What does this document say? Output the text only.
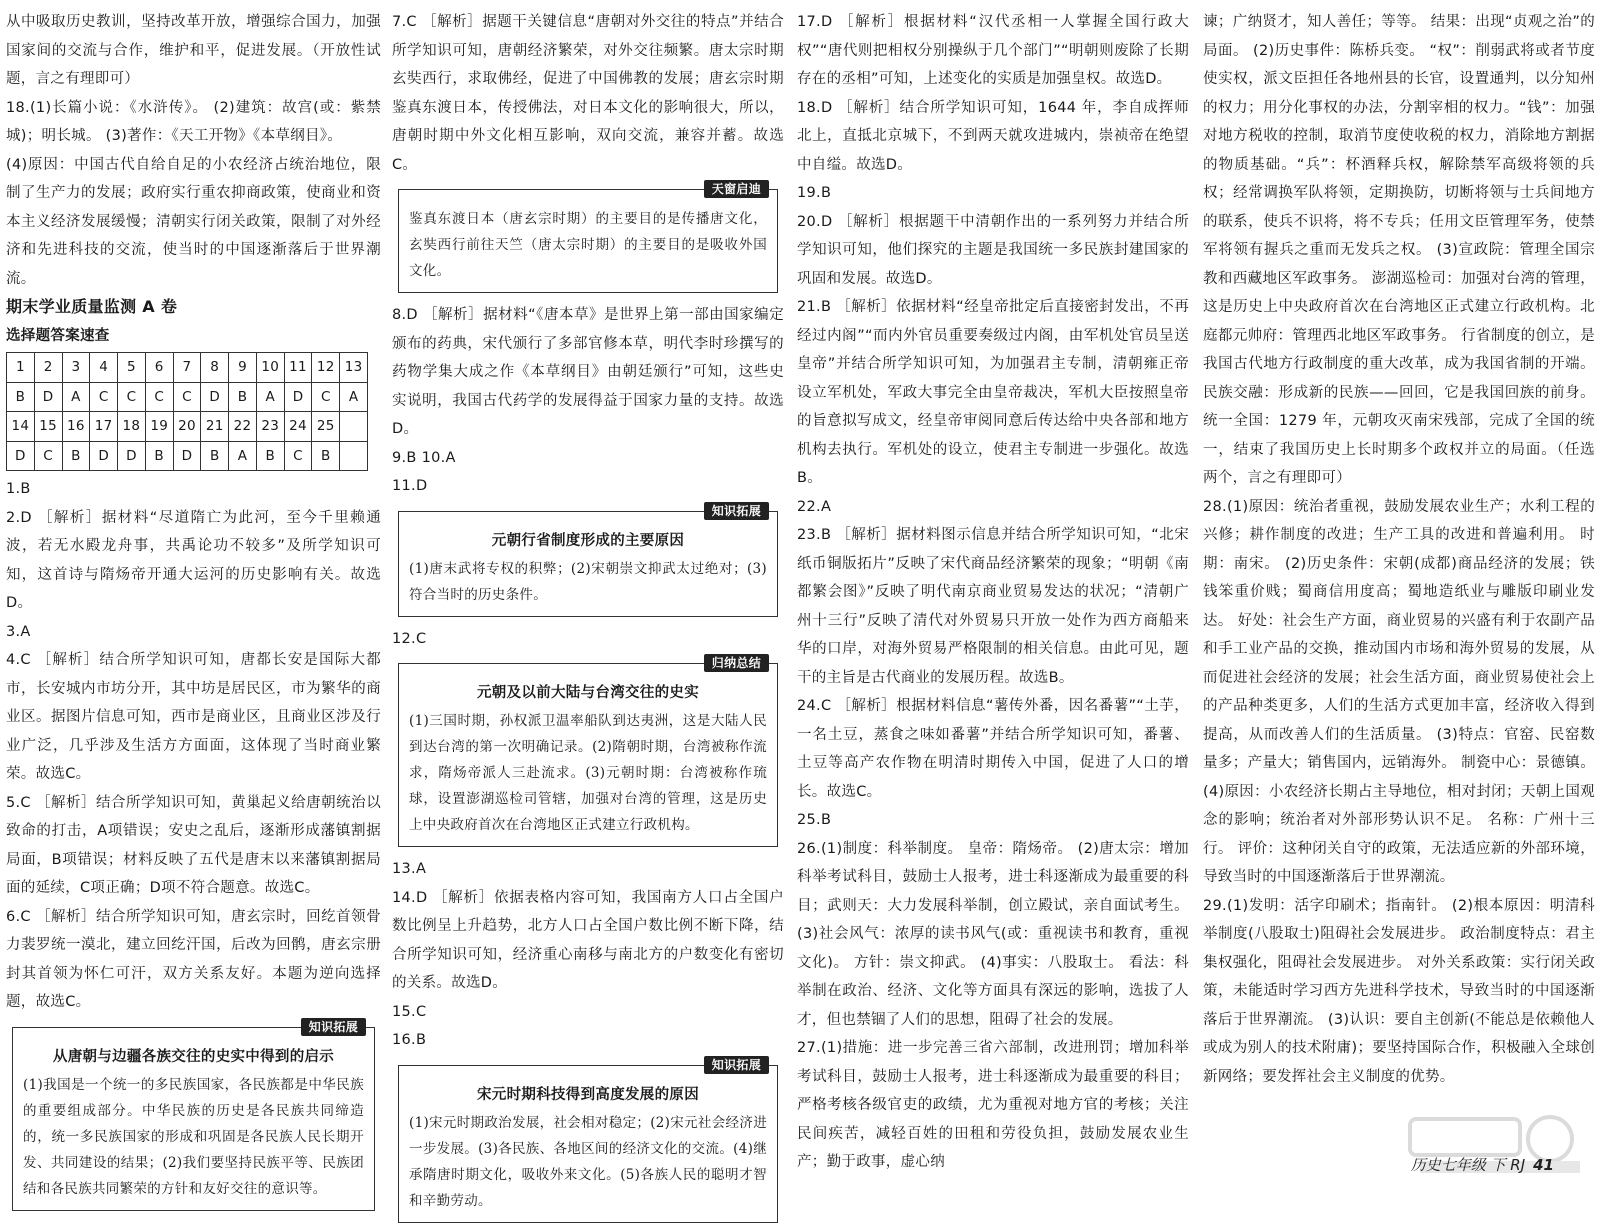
从中吸取历史教训，坚持改革开放，增强综合国力，加强国家间的交流与合作，维护和平，促进发展。（开放性试题，言之有理即可）

18.(1)长篇小说：《水浒传》。 (2)建筑：故宫(或：紫禁城)；明长城。 (3)著作：《天工开物》《本草纲目》。

(4)原因：中国古代自给自足的小农经济占统治地位，限制了生产力的发展；政府实行重农抑商政策，使商业和资本主义经济发展缓慢；清朝实行闭关政策，限制了对外经济和先进科技的交流，使当时的中国逐渐落后于世界潮流。

期末学业质量监测 A 卷

选择题答案速查

1	2	3	4	5	6	7	8	9	10	11	12	13
B	D	A	C	C	C	C	D	B	A	D	C	A
14	15	16	17	18	19	20	21	22	23	24	25	
D	C	B	D	D	B	D	B	A	B	C	B	

1.B

2.D ［解析］据材料“尽道隋亡为此河，至今千里赖通波，若无水殿龙舟事，共禹论功不较多”及所学知识可知，这首诗与隋炀帝开通大运河的历史影响有关。故选D。

3.A

4.C ［解析］结合所学知识可知，唐都长安是国际大都市，长安城内市坊分开，其中坊是居民区，市为繁华的商业区。据图片信息可知，西市是商业区，且商业区涉及行业广泛，几乎涉及生活方方面面，这体现了当时商业繁荣。故选C。

5.C ［解析］结合所学知识可知，黄巢起义给唐朝统治以致命的打击，A项错误；安史之乱后，逐渐形成藩镇割据局面，B项错误；材料反映了五代是唐末以来藩镇割据局面的延续，C项正确；D项不符合题意。故选C。

6.C ［解析］结合所学知识可知，唐玄宗时，回纥首领骨力裴罗统一漠北，建立回纥汗国，后改为回鹘，唐玄宗册封其首领为怀仁可汗，双方关系友好。本题为逆向选择题，故选C。

知识拓展

从唐朝与边疆各族交往的史实中得到的启示

(1)我国是一个统一的多民族国家，各民族都是中华民族的重要组成部分。中华民族的历史是各民族共同缔造的，统一多民族国家的形成和巩固是各民族人民长期开发、共同建设的结果；(2)我们要坚持民族平等、民族团结和各民族共同繁荣的方针和友好交往的意识等。

7.C ［解析］据题干关键信息“唐朝对外交往的特点”并结合所学知识可知，唐朝经济繁荣，对外交往频繁。唐太宗时期玄奘西行，求取佛经，促进了中国佛教的发展；唐玄宗时期鉴真东渡日本，传授佛法，对日本文化的影响很大，所以，唐朝时期中外文化相互影响，双向交流，兼容并蓄。故选C。

天窗启迪

鉴真东渡日本（唐玄宗时期）的主要目的是传播唐文化，玄奘西行前往天竺（唐太宗时期）的主要目的是吸收外国文化。

8.D ［解析］据材料“《唐本草》是世界上第一部由国家编定颁布的药典，宋代颁行了多部官修本草，明代李时珍撰写的药物学集大成之作《本草纲目》由朝廷颁行”可知，这些史实说明，我国古代药学的发展得益于国家力量的支持。故选D。

9.B 10.A

11.D

知识拓展

元朝行省制度形成的主要原因

(1)唐末武将专权的积弊；(2)宋朝崇文抑武太过绝对；(3)符合当时的历史条件。

12.C

归纳总结

元朝及以前大陆与台湾交往的史实

(1)三国时期，孙权派卫温率船队到达夷洲，这是大陆人民到达台湾的第一次明确记录。(2)隋朝时期，台湾被称作流求，隋炀帝派人三赴流求。(3)元朝时期：台湾被称作琉球，设置澎湖巡检司管辖，加强对台湾的管理，这是历史上中央政府首次在台湾地区正式建立行政机构。

13.A

14.D ［解析］依据表格内容可知，我国南方人口占全国户数比例呈上升趋势，北方人口占全国户数比例不断下降，结合所学知识可知，经济重心南移与南北方的户数变化有密切的关系。故选D。

15.C

16.B

知识拓展

宋元时期科技得到高度发展的原因

(1)宋元时期政治发展，社会相对稳定；(2)宋元社会经济进一步发展。(3)各民族、各地区间的经济文化的交流。(4)继承隋唐时期文化，吸收外来文化。(5)各族人民的聪明才智和辛勤劳动。

17.D ［解析］根据材料“汉代丞相一人掌握全国行政大权”“唐代则把相权分别操纵于几个部门”“明朝则废除了长期存在的丞相”可知，上述变化的实质是加强皇权。故选D。

18.D ［解析］结合所学知识可知，1644 年，李自成挥师北上，直抵北京城下，不到两天就攻进城内，崇祯帝在绝望中自缢。故选D。

19.B

20.D ［解析］根据题干中清朝作出的一系列努力并结合所学知识可知，他们探究的主题是我国统一多民族封建国家的巩固和发展。故选D。

21.B ［解析］依据材料“经皇帝批定后直接密封发出，不再经过内阁”“而内外官员重要奏级过内阁，由军机处官员呈送皇帝”并结合所学知识可知，为加强君主专制，清朝雍正帝设立军机处，军政大事完全由皇帝裁决，军机大臣按照皇帝的旨意拟写成文，经皇帝审阅同意后传达给中央各部和地方机构去执行。军机处的设立，使君主专制进一步强化。故选B。

22.A

23.B ［解析］据材料图示信息并结合所学知识可知，“北宋纸币铜版拓片”反映了宋代商品经济繁荣的现象；“明朝《南都繁会图》”反映了明代南京商业贸易发达的状况；“清朝广州十三行”反映了清代对外贸易只开放一处作为西方商船来华的口岸，对海外贸易严格限制的相关信息。由此可见，题干的主旨是古代商业的发展历程。故选B。

24.C ［解析］根据材料信息“薯传外番，因名番薯”“土芋，一名土豆，蒸食之味如番薯”并结合所学知识可知，番薯、土豆等高产农作物在明清时期传入中国，促进了人口的增长。故选C。

25.B

26.(1)制度：科举制度。 皇帝：隋炀帝。 (2)唐太宗：增加科举考试科目，鼓励士人报考，进士科逐渐成为最重要的科目；武则天：大力发展科举制，创立殿试，亲自面试考生。 (3)社会风气：浓厚的读书风气(或：重视读书和教育，重视文化)。 方针：崇文抑武。 (4)事实：八股取士。 看法：科举制在政治、经济、文化等方面具有深远的影响，选拔了人才，但也禁锢了人们的思想，阻碍了社会的发展。

27.(1)措施：进一步完善三省六部制，改进刑罚；增加科举考试科目，鼓励士人报考，进士科逐渐成为最重要的科目；严格考核各级官吏的政绩，尤为重视对地方官的考核；关注民间疾苦，减轻百姓的田租和劳役负担，鼓励发展农业生产；勤于政事，虚心纳

谏；广纳贤才，知人善任；等等。 结果：出现“贞观之治”的局面。 (2)历史事件：陈桥兵变。 “权”：削弱武将或者节度使实权，派文臣担任各地州县的长官，设置通判，以分知州的权力；用分化事权的办法，分割宰相的权力。“钱”：加强对地方税收的控制，取消节度使收税的权力，消除地方割据的物质基础。“兵”：杯酒释兵权，解除禁军高级将领的兵权；经常调换军队将领，定期换防，切断将领与士兵间地方的联系，使兵不识将，将不专兵；任用文臣管理军务，使禁军将领有握兵之重而无发兵之权。 (3)宣政院：管理全国宗教和西藏地区军政事务。 澎湖巡检司：加强对台湾的管理，这是历史上中央政府首次在台湾地区正式建立行政机构。北庭都元帅府：管理西北地区军政事务。 行省制度的创立，是我国古代地方行政制度的重大改革，成为我国省制的开端。 民族交融：形成新的民族——回回，它是我国回族的前身。 统一全国：1279 年，元朝攻灭南宋残部，完成了全国的统一，结束了我国历史上长时期多个政权并立的局面。（任选两个，言之有理即可）

28.(1)原因：统治者重视，鼓励发展农业生产；水利工程的兴修；耕作制度的改进；生产工具的改进和普遍利用。 时期：南宋。 (2)历史条件：宋朝(成都)商品经济的发展；铁钱笨重价贱；蜀商信用度高；蜀地造纸业与雕版印刷业发达。 好处：社会生产方面，商业贸易的兴盛有利于农副产品和手工业产品的交换，推动国内市场和海外贸易的发展，从而促进社会经济的发展；社会生活方面，商业贸易使社会上的产品种类更多，人们的生活方式更加丰富，经济收入得到提高，从而改善人们的生活质量。 (3)特点：官窑、民窑数量多；产量大；销售国内，远销海外。 制瓷中心：景德镇。 (4)原因：小农经济长期占主导地位，相对封闭；天朝上国观念的影响；统治者对外部形势认识不足。 名称：广州十三行。 评价：这种闭关自守的政策，无法适应新的外部环境，导致当时的中国逐渐落后于世界潮流。

29.(1)发明：活字印刷术；指南针。 (2)根本原因：明清科举制度(八股取士)阻碍社会发展进步。 政治制度特点：君主集权强化，阻碍社会发展进步。 对外关系政策：实行闭关政策，未能适时学习西方先进科学技术，导致当时的中国逐渐落后于世界潮流。 (3)认识：要自主创新(不能总是依赖他人或成为别人的技术附庸)；要坚持国际合作，积极融入全球创新网络；要发挥社会主义制度的优势。

历史七年级 下 RJ 41
